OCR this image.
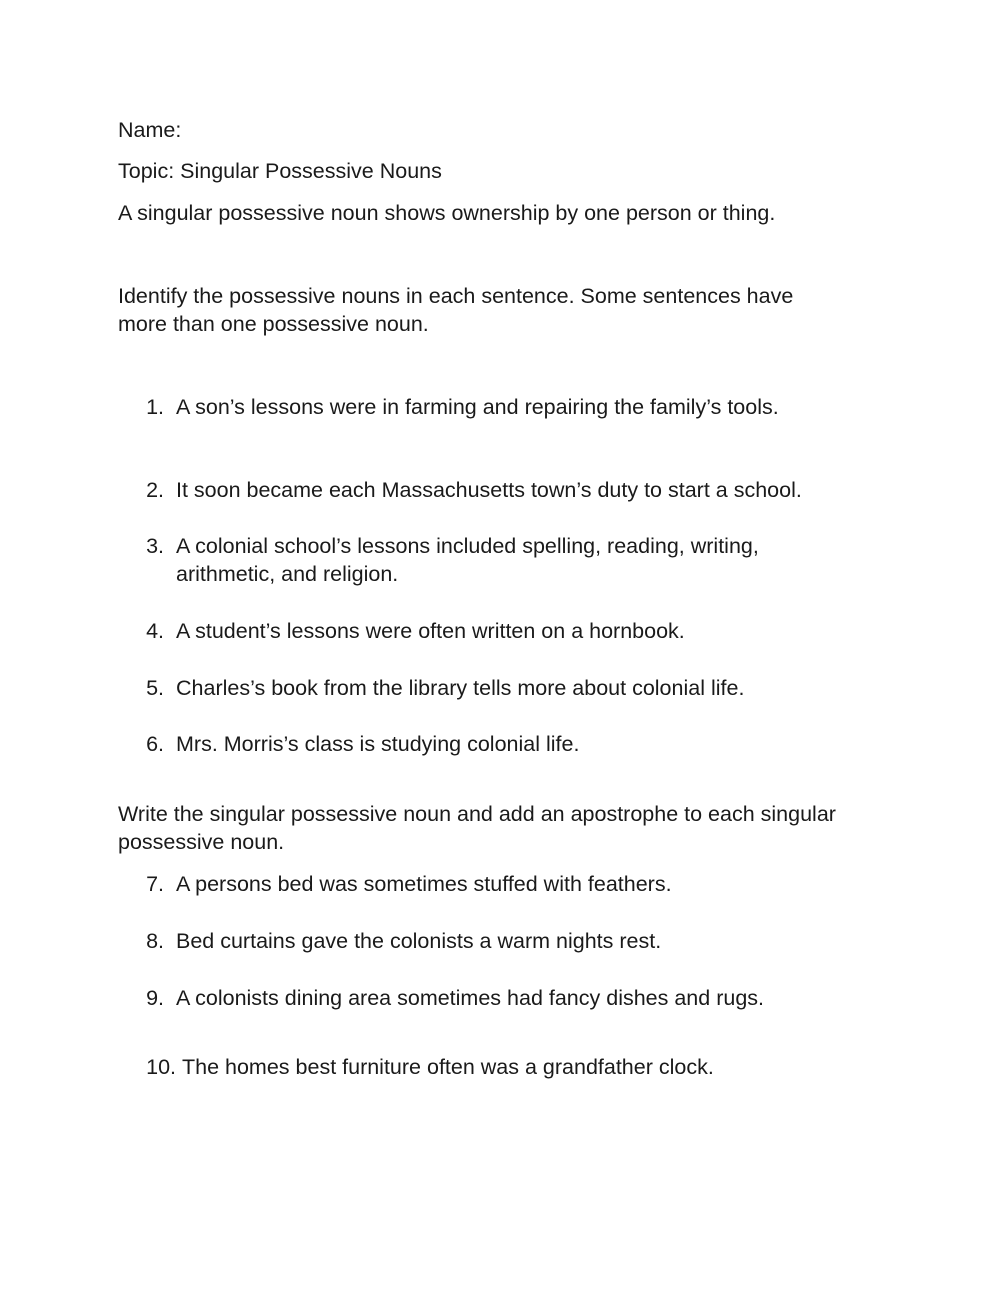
Name:
Topic: Singular Possessive Nouns
A singular possessive noun shows ownership by one person or thing.
Identify the possessive nouns in each sentence. Some sentences have
more than one possessive noun.
1. A son’s lessons were in farming and repairing the family’s tools.
2. It soon became each Massachusetts town’s duty to start a school.
3. A colonial school’s lessons included spelling, reading, writing,
arithmetic, and religion.
4. A student’s lessons were often written on a hornbook.
5. Charles’s book from the library tells more about colonial life.
6. Mrs. Morris’s class is studying colonial life.
Write the singular possessive noun and add an apostrophe to each singular
possessive noun.
7. A persons bed was sometimes stuffed with feathers.
8. Bed curtains gave the colonists a warm nights rest.
9. A colonists dining area sometimes had fancy dishes and rugs.
10. The homes best furniture often was a grandfather clock.
